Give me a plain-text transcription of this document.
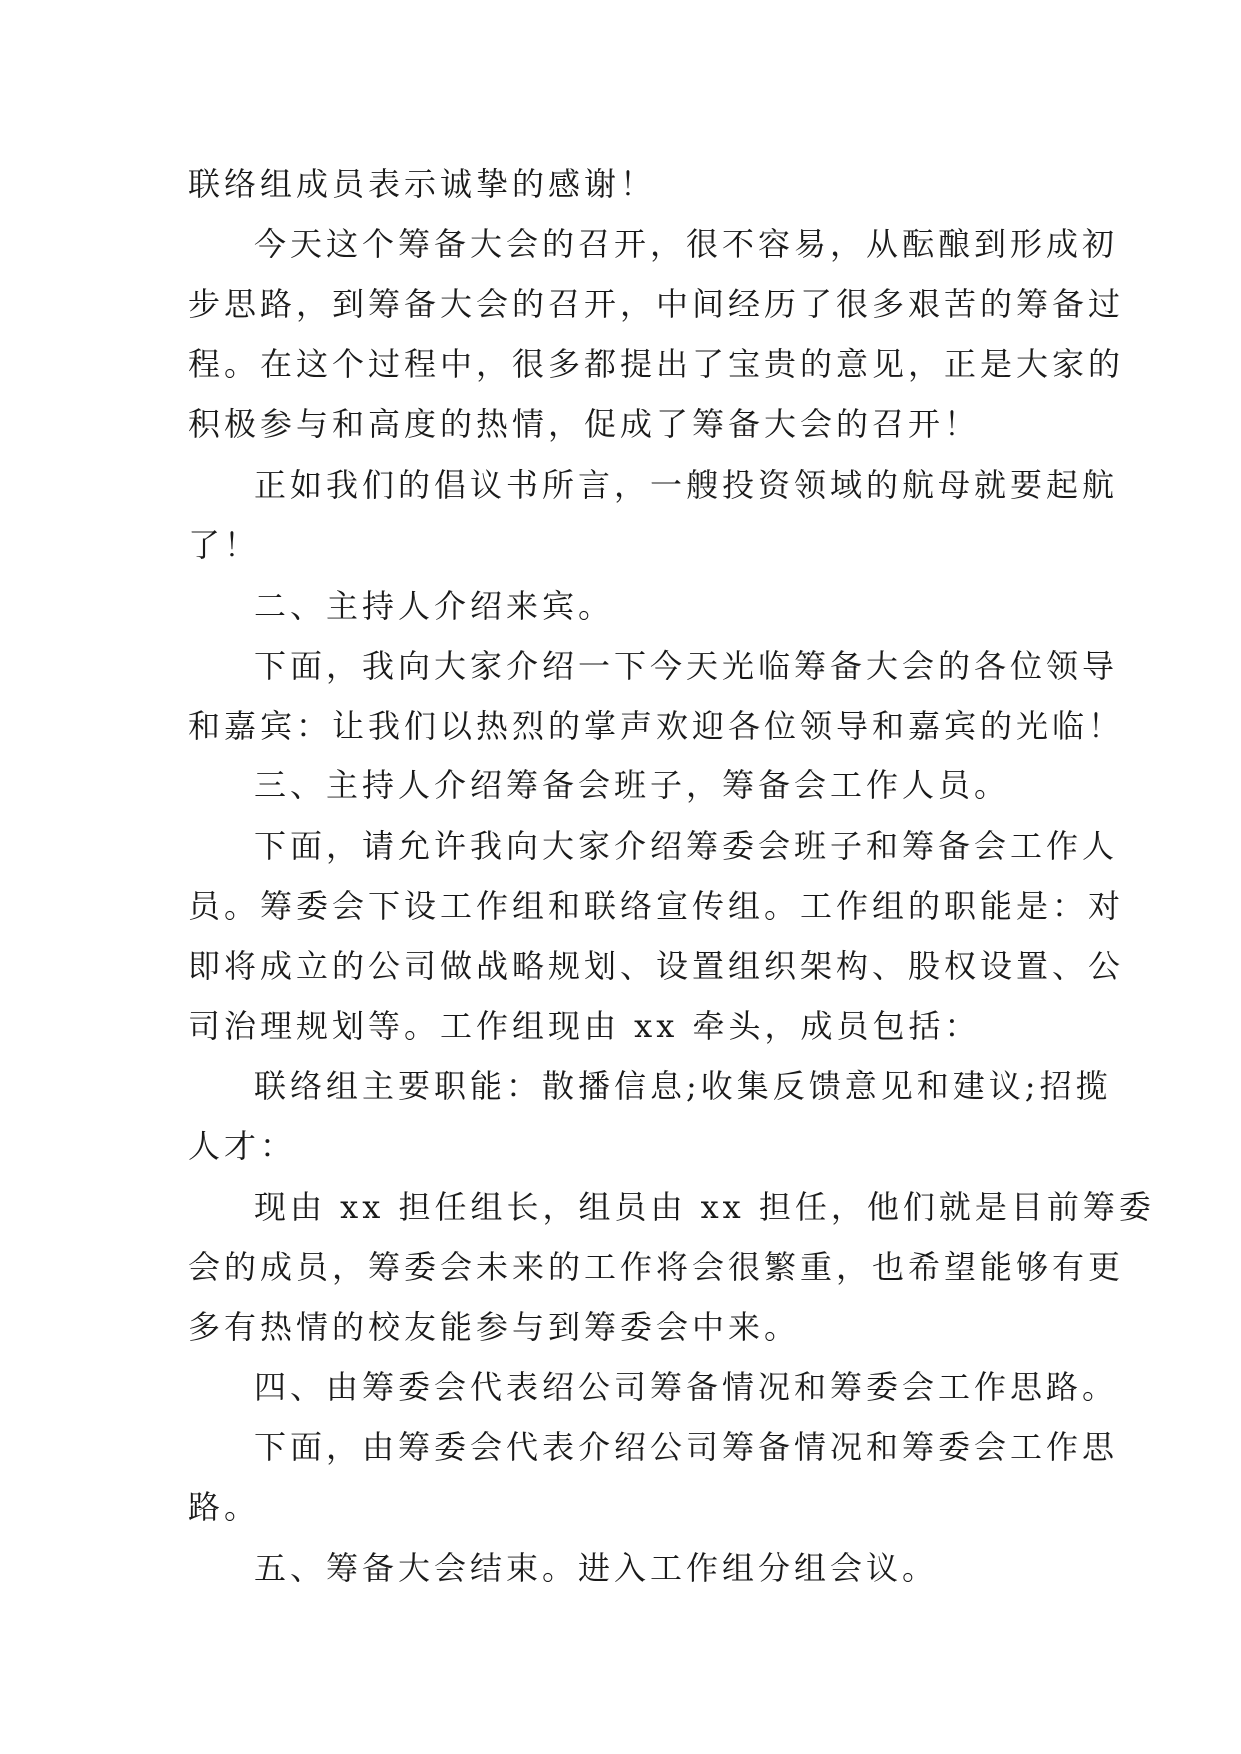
联络组成员表示诚挚的感谢！
今天这个筹备大会的召开，很不容易，从酝酿到形成初
步思路，到筹备大会的召开，中间经历了很多艰苦的筹备过
程。在这个过程中，很多都提出了宝贵的意见，正是大家的
积极参与和高度的热情，促成了筹备大会的召开！
正如我们的倡议书所言，一艘投资领域的航母就要起航
了！
二、主持人介绍来宾。
下面，我向大家介绍一下今天光临筹备大会的各位领导
和嘉宾：让我们以热烈的掌声欢迎各位领导和嘉宾的光临！
三、主持人介绍筹备会班子，筹备会工作人员。
下面，请允许我向大家介绍筹委会班子和筹备会工作人
员。筹委会下设工作组和联络宣传组。工作组的职能是：对
即将成立的公司做战略规划、设置组织架构、股权设置、公
司治理规划等。工作组现由 xx 牵头，成员包括：
联络组主要职能：散播信息;收集反馈意见和建议;招揽
人才：
现由 xx 担任组长，组员由 xx 担任，他们就是目前筹委
会的成员，筹委会未来的工作将会很繁重，也希望能够有更
多有热情的校友能参与到筹委会中来。
四、由筹委会代表绍公司筹备情况和筹委会工作思路。
下面，由筹委会代表介绍公司筹备情况和筹委会工作思
路。
五、筹备大会结束。进入工作组分组会议。
